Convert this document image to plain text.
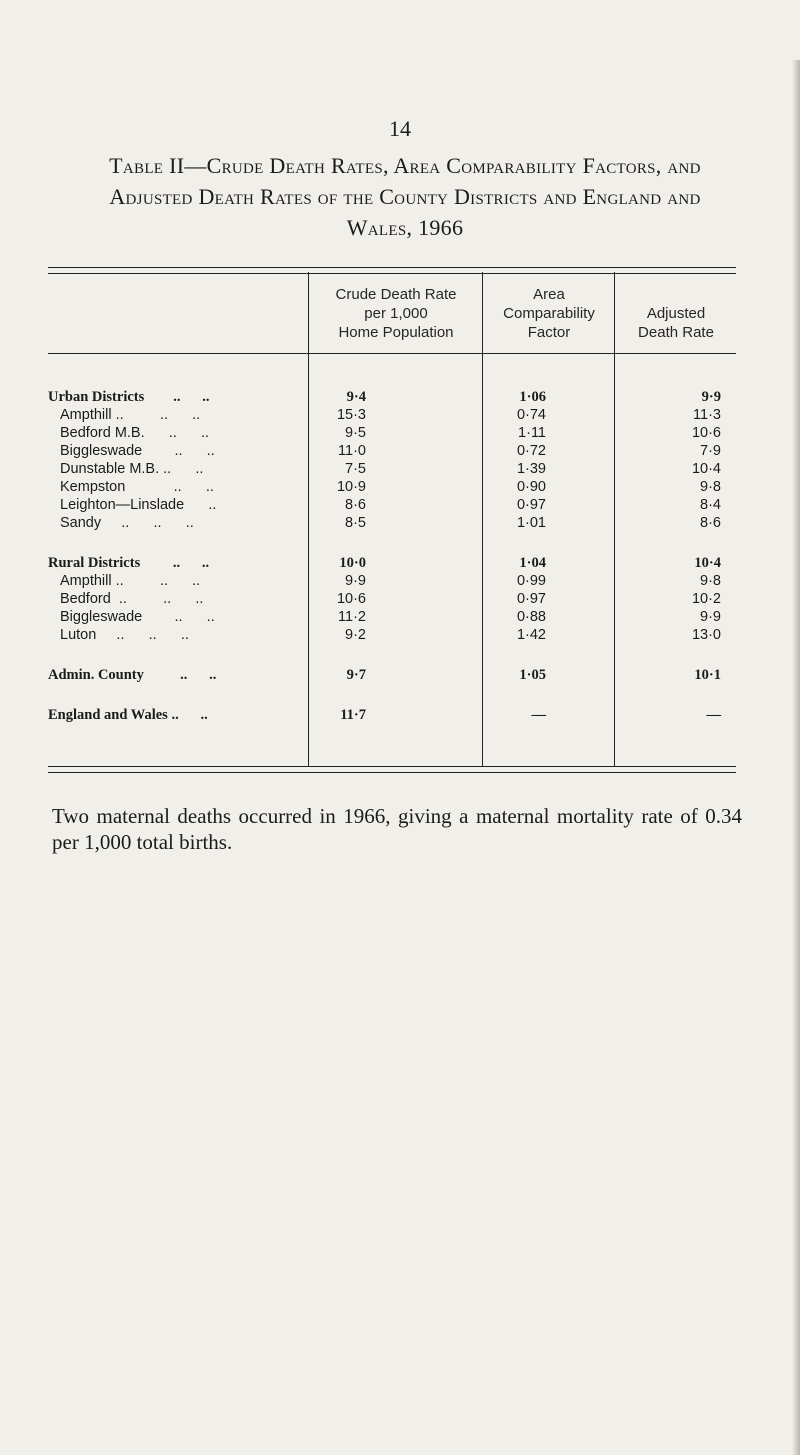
14
Table II—Crude Death Rates, Area Comparability Factors, and
Adjusted Death Rates of the County Districts and England and
Wales, 1966
Crude Death Rate
per 1,000
Home Population
Area
Comparability
Factor
Adjusted
Death Rate
Urban Districts        ..      ..	9·4	1·06	9·9
Ampthill ..         ..      ..	15·3	0·74	11·3
Bedford M.B.      ..      ..	9·5	1·11	10·6
Biggleswade        ..      ..	11·0	0·72	7·9
Dunstable M.B. ..      ..	7·5	1·39	10·4
Kempston            ..      ..	10·9	0·90	9·8
Leighton—Linslade      ..	8·6	0·97	8·4
Sandy     ..      ..      ..	8·5	1·01	8·6
Rural Districts         ..      ..	10·0	1·04	10·4
Ampthill ..         ..      ..	9·9	0·99	9·8
Bedford  ..         ..      ..	10·6	0·97	10·2
Biggleswade        ..      ..	11·2	0·88	9·9
Luton     ..      ..      ..	9·2	1·42	13·0
Admin. County          ..      ..	9·7	1·05	10·1
England and Wales ..      ..	11·7	—	—
Two maternal deaths occurred in 1966, giving a maternal mortality rate of 0.34 per 1,000 total births.
